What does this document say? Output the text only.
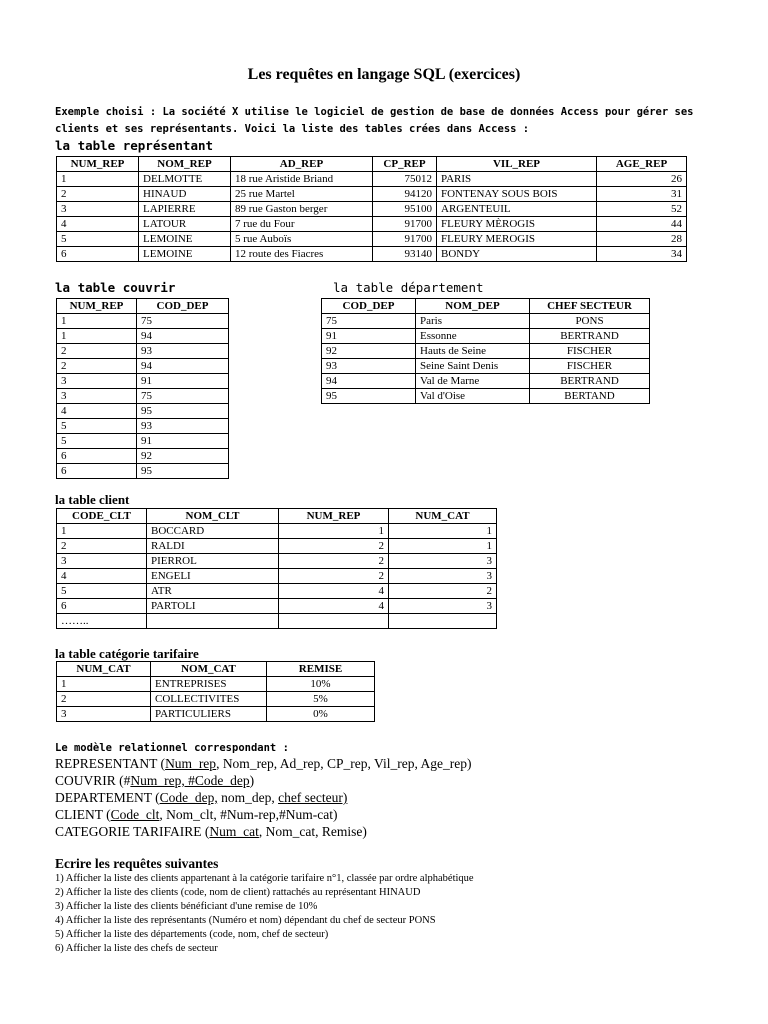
Les requêtes en langage SQL (exercices)
Exemple choisi : La société X utilise le logiciel de gestion de base de données Access pour gérer ses
clients et ses représentants. Voici la liste des tables crées dans Access :
la table représentant
NUM_REP	NOM_REP	AD_REP	CP_REP	VIL_REP	AGE_REP
1	DELMOTTE	18 rue Aristide Briand	75012	PARIS	26
2	HINAUD	25 rue Martel	94120	FONTENAY SOUS BOIS	31
3	LAPIERRE	89 rue Gaston berger	95100	ARGENTEUIL	52
4	LATOUR	7 rue du Four	91700	FLEURY MÈROGIS	44
5	LEMOINE	5 rue Auboïs	91700	FLEURY MEROGIS	28
6	LEMOINE	12 route des Fiacres	93140	BONDY	34
la table couvrir
NUM_REP	COD_DEP
1	75
1	94
2	93
2	94
3	91
3	75
4	95
5	93
5	91
6	92
6	95
la table département
COD_DEP	NOM_DEP	CHEF SECTEUR
75	Paris	PONS
91	Essonne	BERTRAND
92	Hauts de Seine	FISCHER
93	Seine Saint Denis	FISCHER
94	Val de Marne	BERTRAND
95	Val d'Oise	BERTAND
la table client
CODE_CLT	NOM_CLT	NUM_REP	NUM_CAT
1	BOCCARD	1	1
2	RALDI	2	1
3	PIERROL	2	3
4	ENGELI	2	3
5	ATR	4	2
6	PARTOLI	4	3
……..			
la table catégorie tarifaire
NUM_CAT	NOM_CAT	REMISE
1	ENTREPRISES	10%
2	COLLECTIVITES	5%
3	PARTICULIERS	0%
Le modèle relationnel correspondant :
REPRESENTANT (Num_rep, Nom_rep, Ad_rep, CP_rep, Vil_rep, Age_rep)
COUVRIR (#Num_rep, #Code_dep)
DEPARTEMENT (Code_dep, nom_dep, chef secteur)
CLIENT (Code_clt, Nom_clt, #Num-rep,#Num-cat)
CATEGORIE TARIFAIRE (Num_cat, Nom_cat, Remise)
Ecrire les requêtes suivantes
1) Afficher la liste des clients appartenant à la catégorie tarifaire n°1, classée par ordre alphabétique
2) Afficher la liste des clients (code, nom de client) rattachés au représentant HINAUD
3) Afficher la liste des clients bénéficiant d'une remise de 10%
4) Afficher la liste des représentants (Numéro et nom) dépendant du chef de secteur PONS
5) Afficher la liste des départements (code, nom, chef de secteur)
6) Afficher la liste des chefs de secteur
